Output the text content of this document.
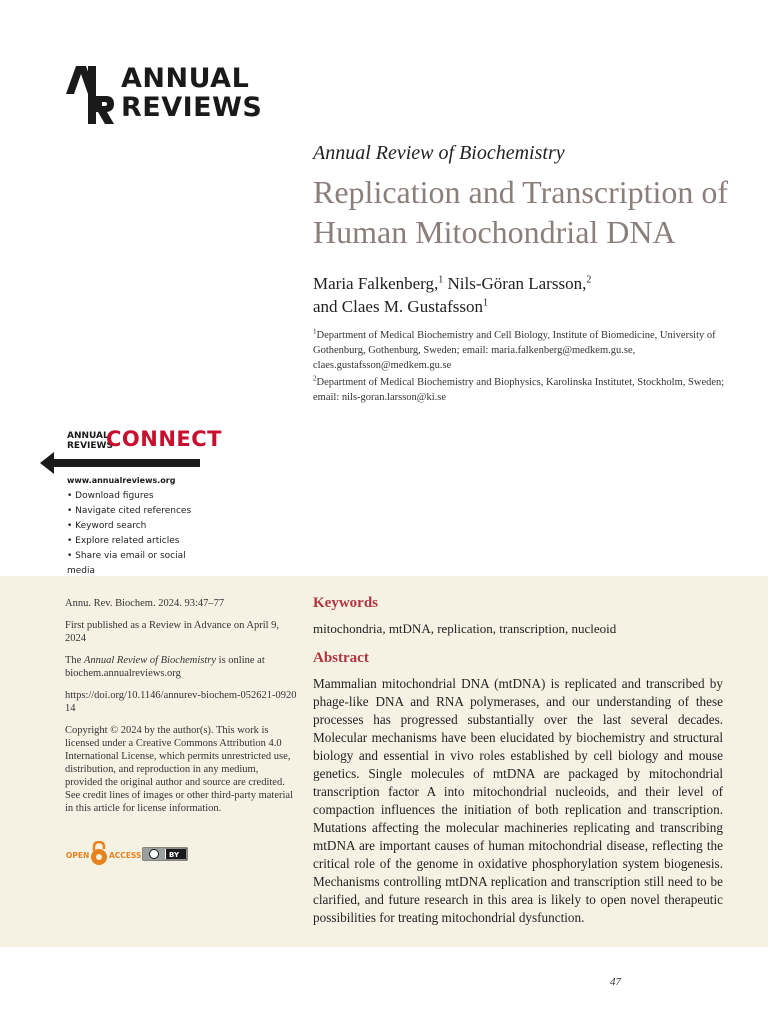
ANNUAL
REVIEWS
Annual Review of Biochemistry
Replication and Transcription of Human Mitochondrial DNA
Maria Falkenberg,$^1$ Nils-Göran Larsson,$^2$
and Claes M. Gustafsson$^1$
$^1$Department of Medical Biochemistry and Cell Biology, Institute of Biomedicine, University of Gothenburg, Gothenburg, Sweden; email: maria.falkenberg@medkem.gu.se, claes.gustafsson@medkem.gu.se
$^2$Department of Medical Biochemistry and Biophysics, Karolinska Institutet, Stockholm, Sweden; email: nils-goran.larsson@ki.se
ANNUAL
REVIEWS
CONNECT
www.annualreviews.org
• Download figures
• Navigate cited references
• Keyword search
• Explore related articles
• Share via email or social media

Annu. Rev. Biochem. 2024. 93:47–77

First published as a Review in Advance on April 9, 2024

The Annual Review of Biochemistry is online at biochem.annualreviews.org

https://doi.org/10.1146/annurev-biochem-052621-092014

Copyright © 2024 by the author(s). This work is licensed under a Creative Commons Attribution 4.0 International License, which permits unrestricted use, distribution, and reproduction in any medium, provided the original author and source are credited. See credit lines of images or other third-party material in this article for license information.

OPEN	ACCESS	BY
Keywords
mitochondria, mtDNA, replication, transcription, nucleoid
Abstract

Mammalian mitochondrial DNA (mtDNA) is replicated and transcribed by phage-like DNA and RNA polymerases, and our understanding of these processes has progressed substantially over the last several decades. Molecular mechanisms have been elucidated by biochemistry and structural biology and essential in vivo roles established by cell biology and mouse genetics. Single molecules of mtDNA are packaged by mitochondrial transcription factor A into mitochondrial nucleoids, and their level of compaction influences the initiation of both replication and transcription. Mutations affecting the molecular machineries replicating and transcribing mtDNA are important causes of human mitochondrial disease, reflecting the critical role of the genome in oxidative phosphorylation system biogenesis. Mechanisms controlling mtDNA replication and transcription still need to be clarified, and future research in this area is likely to open novel therapeutic possibilities for treating mitochondrial dysfunction.

47
